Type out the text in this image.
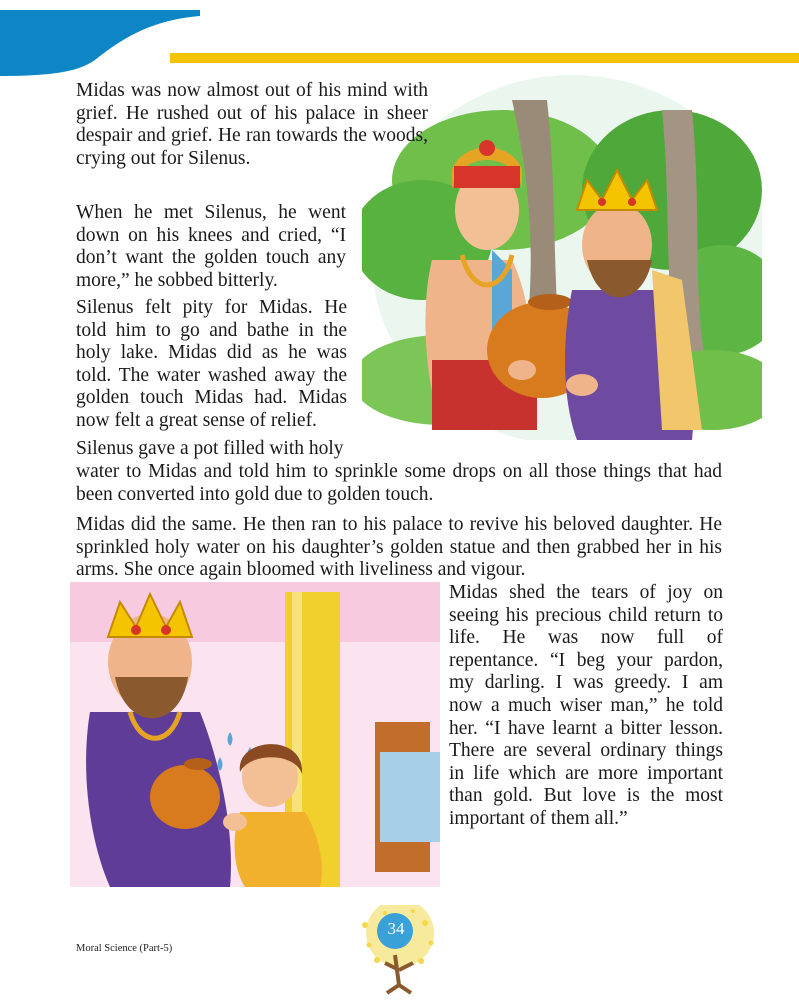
Midas was now almost out of his mind with grief. He rushed out of his palace in sheer despair and grief. He ran towards the woods, crying out for Silenus.

When he met Silenus, he went down on his knees and cried, “I don’t want the golden touch any more,” he sobbed bitterly.

Silenus felt pity for Midas. He told him to go and bathe in the holy lake. Midas did as he was told. The water washed away the golden touch Midas had. Midas now felt a great sense of relief.

Silenus gave a pot filled with holy

water to Midas and told him to sprinkle some drops on all those things that had been converted into gold due to golden touch.

Midas did the same. He then ran to his palace to revive his beloved daughter. He sprinkled holy water on his daughter’s golden statue and then grabbed her in his arms. She once again bloomed with liveliness and vigour.

Midas shed the tears of joy on seeing his precious child return to life. He was now full of repentance. “I beg your pardon, my darling. I was greedy. I am now a much wiser man,” he told her. “I have learnt a bitter lesson. There are several ordinary things in life which are more important than gold. But love is the most important of them all.”

Moral Science (Part-5)
34
